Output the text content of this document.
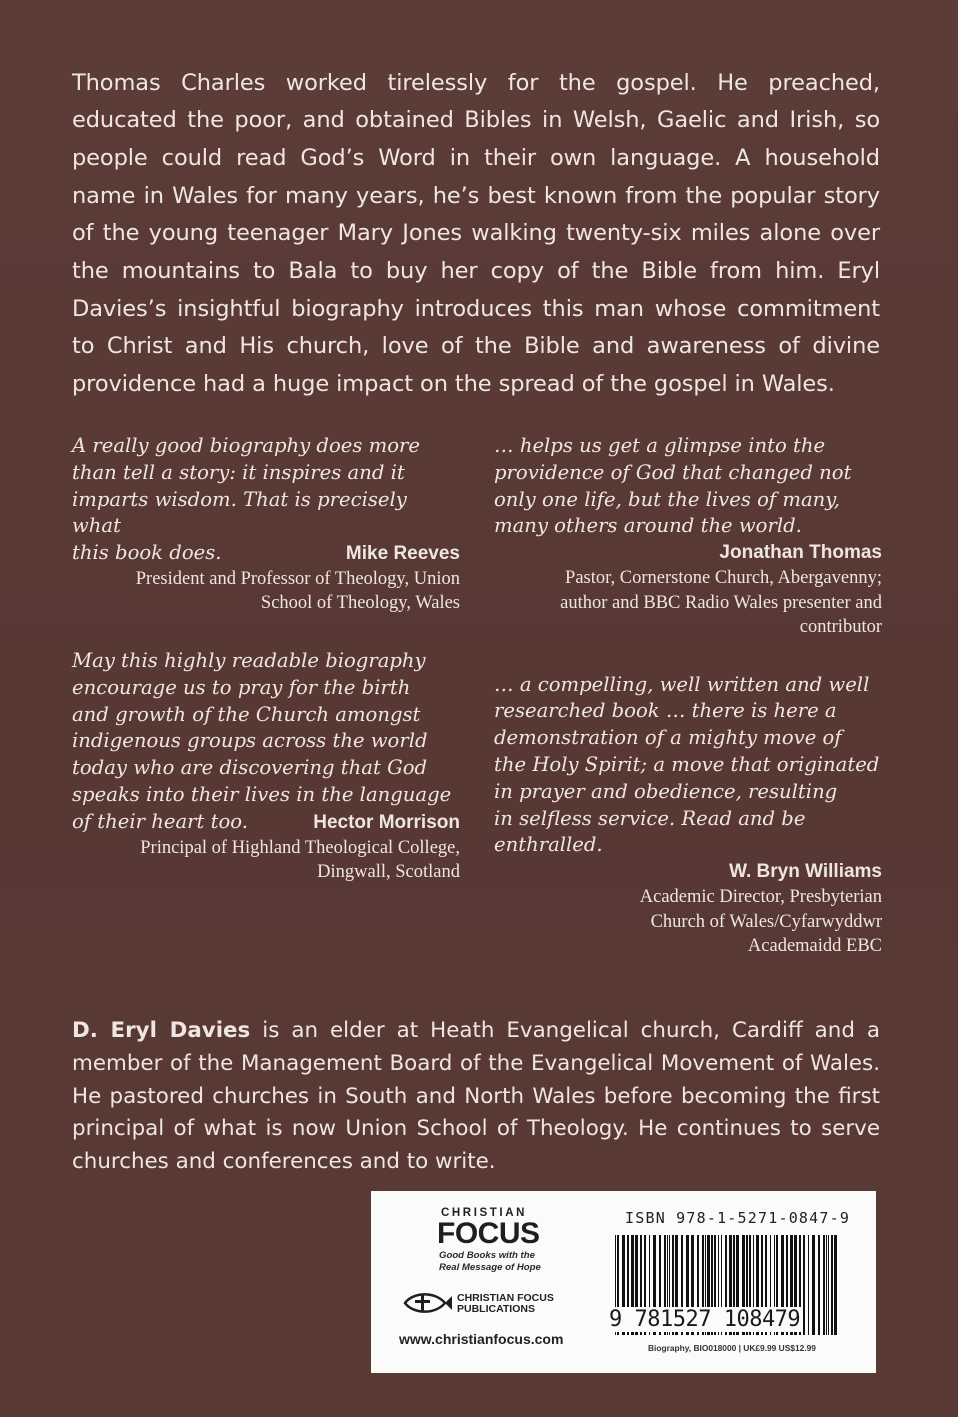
Thomas Charles worked tirelessly for the gospel. He preached, educated the poor, and obtained Bibles in Welsh, Gaelic and Irish, so people could read God’s Word in their own language. A household name in Wales for many years, he’s best known from the popular story of the young teenager Mary Jones walking twenty-six miles alone over the mountains to Bala to buy her copy of the Bible from him. Eryl Davies’s insightful biography introduces this man whose commitment to Christ and His church, love of the Bible and awareness of divine providence had a huge impact on the spread of the gospel in Wales.

A really good biography does more
than tell a story: it inspires and it
imparts wisdom. That is precisely what
this book does.	Mike Reeves

President and Professor of Theology, Union
School of Theology, Wales

May this highly readable biography
encourage us to pray for the birth
and growth of the Church amongst
indigenous groups across the world
today who are discovering that God
speaks into their lives in the language
of their heart too.	Hector Morrison

Principal of Highland Theological College,
Dingwall, Scotland

… helps us get a glimpse into the
providence of God that changed not
only one life, but the lives of many,
many others around the world.

Jonathan Thomas

Pastor, Cornerstone Church, Abergavenny;
author and BBC Radio Wales presenter and
contributor

… a compelling, well written and well
researched book … there is here a
demonstration of a mighty move of
the Holy Spirit; a move that originated
in prayer and obedience, resulting
in selfless service. Read and be
enthralled.

W. Bryn Williams

Academic Director, Presbyterian
Church of Wales/Cyfarwyddwr
Academaidd EBC

D. Eryl Davies is an elder at Heath Evangelical church, Cardiff and a member of the Management Board of the Evangelical Movement of Wales. He pastored churches in South and North Wales before becoming the first principal of what is now Union School of Theology. He continues to serve churches and conferences and to write.

CHRISTIAN
FOCUS
Good Books with the
Real Message of Hope
CHRISTIAN FOCUS
PUBLICATIONS
www.christianfocus.com
ISBN 978-1-5271-0847-9
9 781527 108479
Biography, BIO018000 | UK£9.99 US$12.99
